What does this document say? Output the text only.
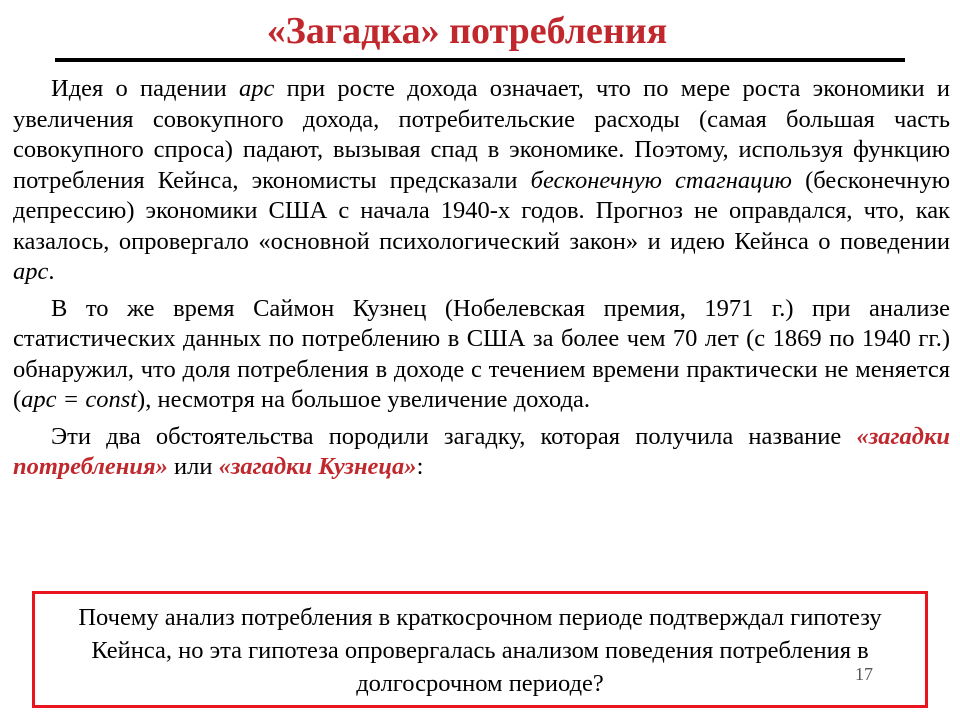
«Загадка» потребления

Идея о падении apc при росте дохода означает, что по мере роста экономики и увеличения совокупного дохода, потребительские расходы (самая большая часть совокупного спроса) падают, вызывая спад в экономике. Поэтому, используя функцию потребления Кейнса, экономисты предсказали бесконечную стагнацию (бесконечную депрессию) экономики США с начала 1940-х годов. Прогноз не оправдался, что, как казалось, опровергало «основной психологический закон» и идею Кейнса о поведении apc.

В то же время Саймон Кузнец (Нобелевская премия, 1971 г.) при анализе статистических данных по потреблению в США за более чем 70 лет (с 1869 по 1940 гг.) обнаружил, что доля потребления в доходе с течением времени практически не меняется (apc = const), несмотря на большое увеличение дохода.

Эти два обстоятельства породили загадку, которая получила название «загадки потребления» или «загадки Кузнеца»:

Почему анализ потребления в краткосрочном периоде подтверждал гипотезу Кейнса, но эта гипотеза опровергалась анализом поведения потребления в долгосрочном периоде?	17
